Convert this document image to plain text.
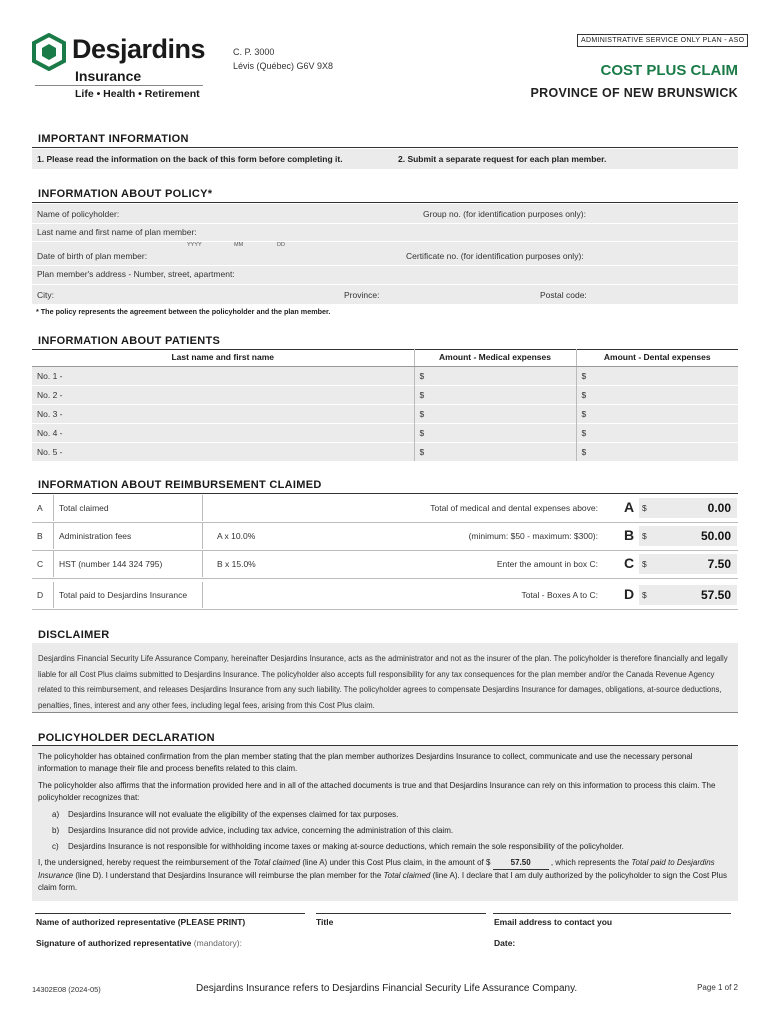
Desjardins
Insurance
Life • Health • Retirement
C. P. 3000
Lévis (Québec) G6V 9X8
ADMINISTRATIVE SERVICE ONLY PLAN - ASO
COST PLUS CLAIM
PROVINCE OF NEW BRUNSWICK
IMPORTANT INFORMATION
1. Please read the information on the back of this form before completing it.	2. Submit a separate request for each plan member.
INFORMATION ABOUT POLICY*
Name of policyholder:	Group no. (for identification purposes only):
Last name and first name of plan member:
YYYY	MM	DD
Date of birth of plan member:	Certificate no. (for identification purposes only):
Plan member's address - Number, street, apartment:
City:	Province:	Postal code:
* The policy represents the agreement between the policyholder and the plan member.
INFORMATION ABOUT PATIENTS
Last name and first name	Amount - Medical expenses	Amount - Dental expenses
No. 1 -	$	$
No. 2 -	$	$
No. 3 -	$	$
No. 4 -	$	$
No. 5 -	$	$
INFORMATION ABOUT REIMBURSEMENT CLAIMED
A Total claimed	Total of medical and dental expenses above: A $	0.00
B Administration fees	A x 10.0%	(minimum: $50 - maximum: $300): B $	50.00
C HST (number 144 324 795)	B x 15.0%	Enter the amount in box C: C $	7.50
D Total paid to Desjardins Insurance	Total - Boxes A to C: D $	57.50
DISCLAIMER
Desjardins Financial Security Life Assurance Company, hereinafter Desjardins Insurance, acts as the administrator and not as the insurer of the plan. The policyholder is therefore financially and legally liable for all Cost Plus claims submitted to Desjardins Insurance. The policyholder also accepts full responsibility for any tax consequences for the plan member and/or the Canada Revenue Agency related to this reimbursement, and releases Desjardins Insurance from any such liability. The policyholder agrees to compensate Desjardins Insurance for damages, obligations, at-source deductions, penalties, fines, interest and any other fees, including legal fees, arising from this Cost Plus claim.
POLICYHOLDER DECLARATION

The policyholder has obtained confirmation from the plan member stating that the plan member authorizes Desjardins Insurance to collect, communicate and use the necessary personal information to manage their file and process benefits related to this claim.

The policyholder also affirms that the information provided here and in all of the attached documents is true and that Desjardins Insurance can rely on this information to process this claim. The policyholder recognizes that:

a) Desjardins Insurance will not evaluate the eligibility of the expenses claimed for tax purposes.
b) Desjardins Insurance did not provide advice, including tax advice, concerning the administration of this claim.
c) Desjardins Insurance is not responsible for withholding income taxes or making at-source deductions, which remain the sole responsibility of the policyholder.

I, the undersigned, hereby request the reimbursement of the Total claimed (line A) under this Cost Plus claim, in the amount of $ 57.50 , which represents the Total paid to Desjardins Insurance (line D). I understand that Desjardins Insurance will reimburse the plan member for the Total claimed (line A). I declare that I am duly authorized by the policyholder to sign the Cost Plus claim form.

Name of authorized representative (PLEASE PRINT)	Title	Email address to contact you
Signature of authorized representative (mandatory):	Date:
14302E08 (2024-05)	Desjardins Insurance refers to Desjardins Financial Security Life Assurance Company.	Page 1 of 2
